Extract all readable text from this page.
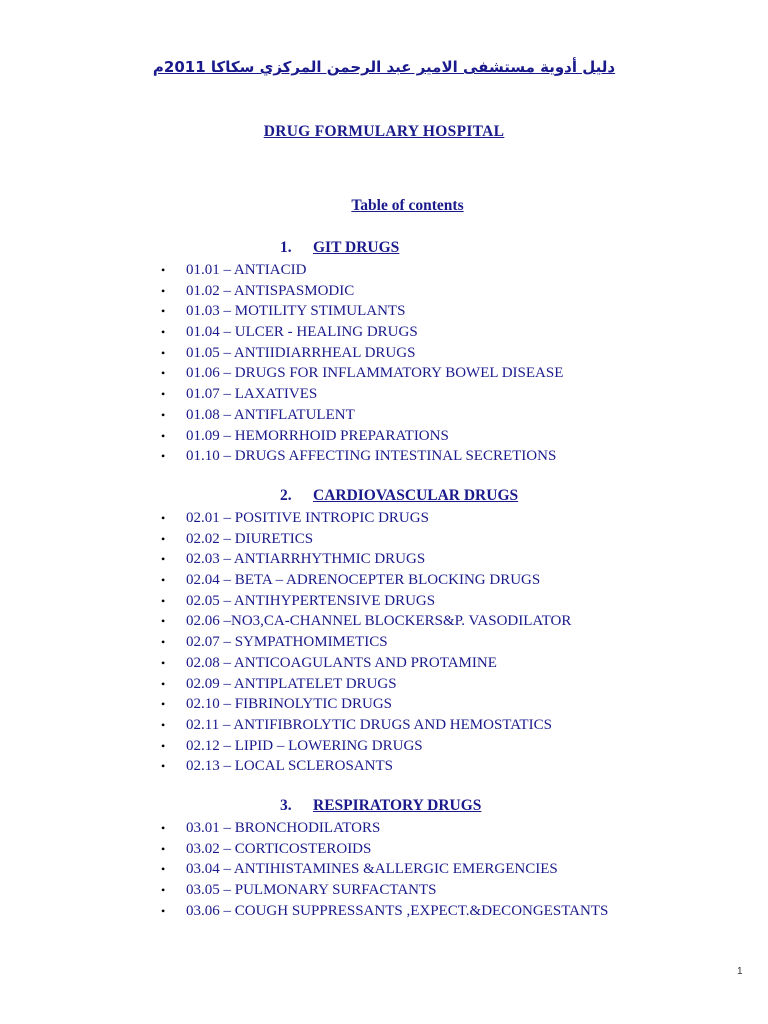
دليل أدوية مستشفى الامير عبد الرحمن المركزي سكاكا 2011م
DRUG FORMULARY HOSPITAL
Table of contents
1. GIT DRUGS
• 01.01 – ANTIACID
• 01.02 – ANTISPASMODIC
• 01.03 – MOTILITY STIMULANTS
• 01.04 – ULCER - HEALING DRUGS
• 01.05 – ANTIIDIARRHEAL DRUGS
• 01.06 – DRUGS FOR INFLAMMATORY BOWEL DISEASE
• 01.07 – LAXATIVES
• 01.08 – ANTIFLATULENT
• 01.09 – HEMORRHOID PREPARATIONS
• 01.10 – DRUGS AFFECTING INTESTINAL SECRETIONS
2. CARDIOVASCULAR DRUGS
• 02.01 – POSITIVE INTROPIC DRUGS
• 02.02 – DIURETICS
• 02.03 – ANTIARRHYTHMIC DRUGS
• 02.04 – BETA – ADRENOCEPTER BLOCKING DRUGS
• 02.05 – ANTIHYPERTENSIVE DRUGS
• 02.06 –NO3,CA-CHANNEL BLOCKERS&P. VASODILATOR
• 02.07 – SYMPATHOMIMETICS
• 02.08 – ANTICOAGULANTS AND PROTAMINE
• 02.09 – ANTIPLATELET DRUGS
• 02.10 – FIBRINOLYTIC DRUGS
• 02.11 – ANTIFIBROLYTIC DRUGS AND HEMOSTATICS
• 02.12 – LIPID – LOWERING DRUGS
• 02.13 – LOCAL SCLEROSANTS
3. RESPIRATORY DRUGS
• 03.01 – BRONCHODILATORS
• 03.02 – CORTICOSTEROIDS
• 03.04 – ANTIHISTAMINES &ALLERGIC EMERGENCIES
• 03.05 – PULMONARY SURFACTANTS
• 03.06 – COUGH SUPPRESSANTS ,EXPECT.&DECONGESTANTS
1
